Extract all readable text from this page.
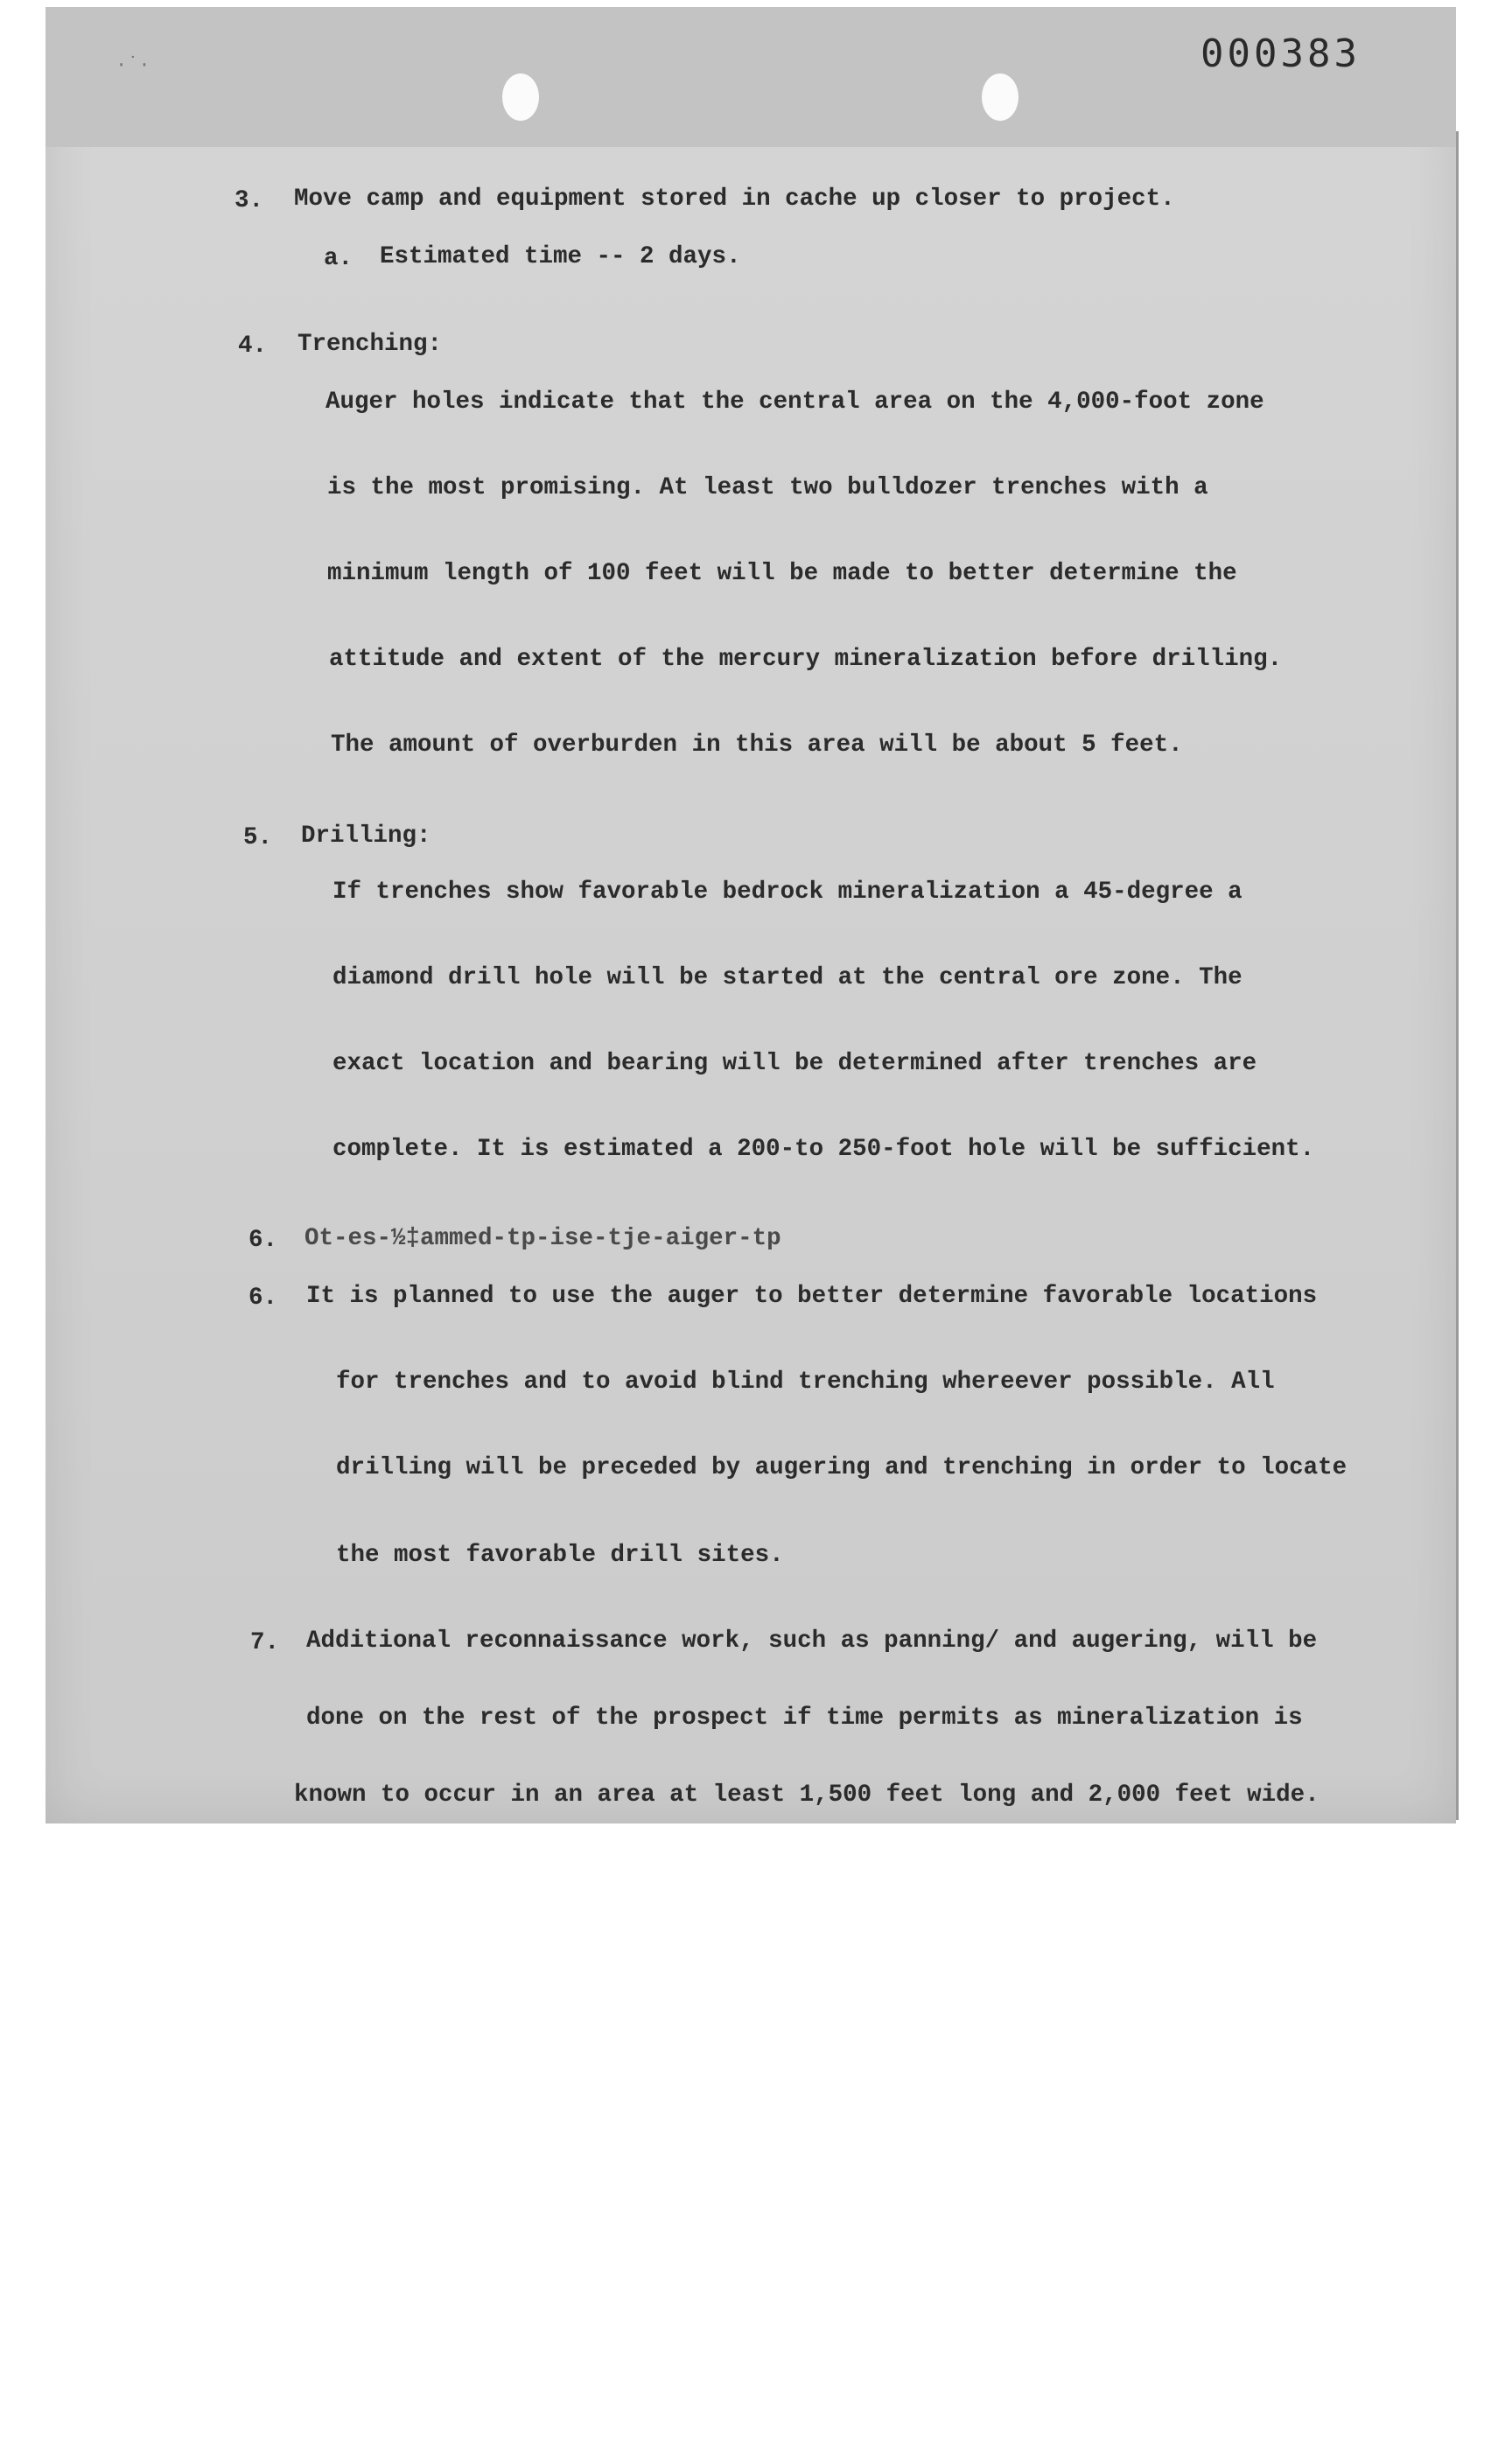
·˙·	000383
3. Move camp and equipment stored in cache up closer to project.
a. Estimated time -- 2 days.
4. Trenching:
Auger holes indicate that the central area on the 4,000-foot zone
is the most promising. At least two bulldozer trenches with a
minimum length of 100 feet will be made to better determine the
attitude and extent of the mercury mineralization before drilling.
The amount of overburden in this area will be about 5 feet.
5. Drilling:
If trenches show favorable bedrock mineralization a 45-degree a
diamond drill hole will be started at the central ore zone. The
exact location and bearing will be determined after trenches are
complete. It is estimated a 200-to 250-foot hole will be sufficient.
6. Ot-es-½‡ammed-tp-ise-tje-aiger-tp
6. It is planned to use the auger to better determine favorable locations
for trenches and to avoid blind trenching whereever possible. All
drilling will be preceded by augering and trenching in order to locate
the most favorable drill sites.
7. Additional reconnaissance work, such as panning/ and augering, will be
done on the rest of the prospect if time permits as mineralization is
known to occur in an area at least 1,500 feet long and 2,000 feet wide.
